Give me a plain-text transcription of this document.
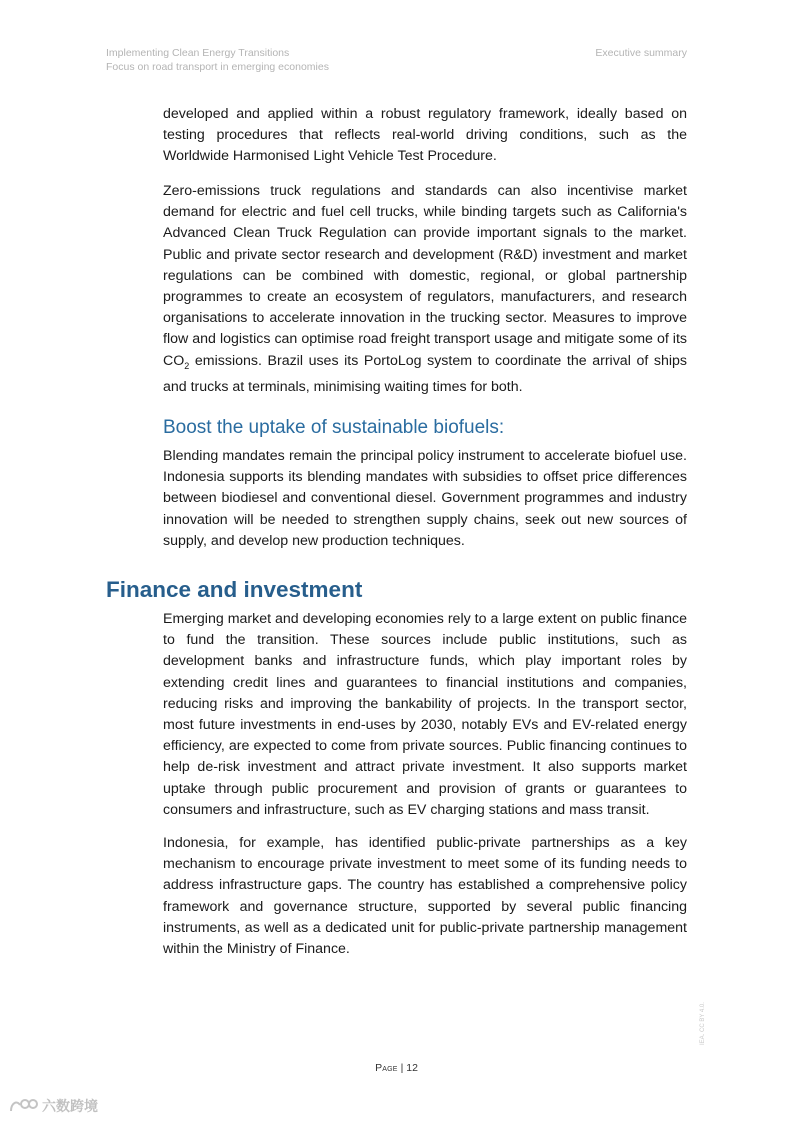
Implementing Clean Energy Transitions
Focus on road transport in emerging economies
Executive summary

developed and applied within a robust regulatory framework, ideally based on testing procedures that reflects real-world driving conditions, such as the Worldwide Harmonised Light Vehicle Test Procedure.

Zero-emissions truck regulations and standards can also incentivise market demand for electric and fuel cell trucks, while binding targets such as California's Advanced Clean Truck Regulation can provide important signals to the market. Public and private sector research and development (R&D) investment and market regulations can be combined with domestic, regional, or global partnership programmes to create an ecosystem of regulators, manufacturers, and research organisations to accelerate innovation in the trucking sector. Measures to improve flow and logistics can optimise road freight transport usage and mitigate some of its $CO_2$ emissions. Brazil uses its PortoLog system to coordinate the arrival of ships and trucks at terminals, minimising waiting times for both.

Boost the uptake of sustainable biofuels:

Blending mandates remain the principal policy instrument to accelerate biofuel use. Indonesia supports its blending mandates with subsidies to offset price differences between biodiesel and conventional diesel. Government programmes and industry innovation will be needed to strengthen supply chains, seek out new sources of supply, and develop new production techniques.

Finance and investment

Emerging market and developing economies rely to a large extent on public finance to fund the transition. These sources include public institutions, such as development banks and infrastructure funds, which play important roles by extending credit lines and guarantees to financial institutions and companies, reducing risks and improving the bankability of projects. In the transport sector, most future investments in end-uses by 2030, notably EVs and EV-related energy efficiency, are expected to come from private sources. Public financing continues to help de-risk investment and attract private investment. It also supports market uptake through public procurement and provision of grants or guarantees to consumers and infrastructure, such as EV charging stations and mass transit.

Indonesia, for example, has identified public-private partnerships as a key mechanism to encourage private investment to meet some of its funding needs to address infrastructure gaps. The country has established a comprehensive policy framework and governance structure, supported by several public financing instruments, as well as a dedicated unit for public-private partnership management within the Ministry of Finance.

Page | 12
IEA. CC BY 4.0.
六数跨境
